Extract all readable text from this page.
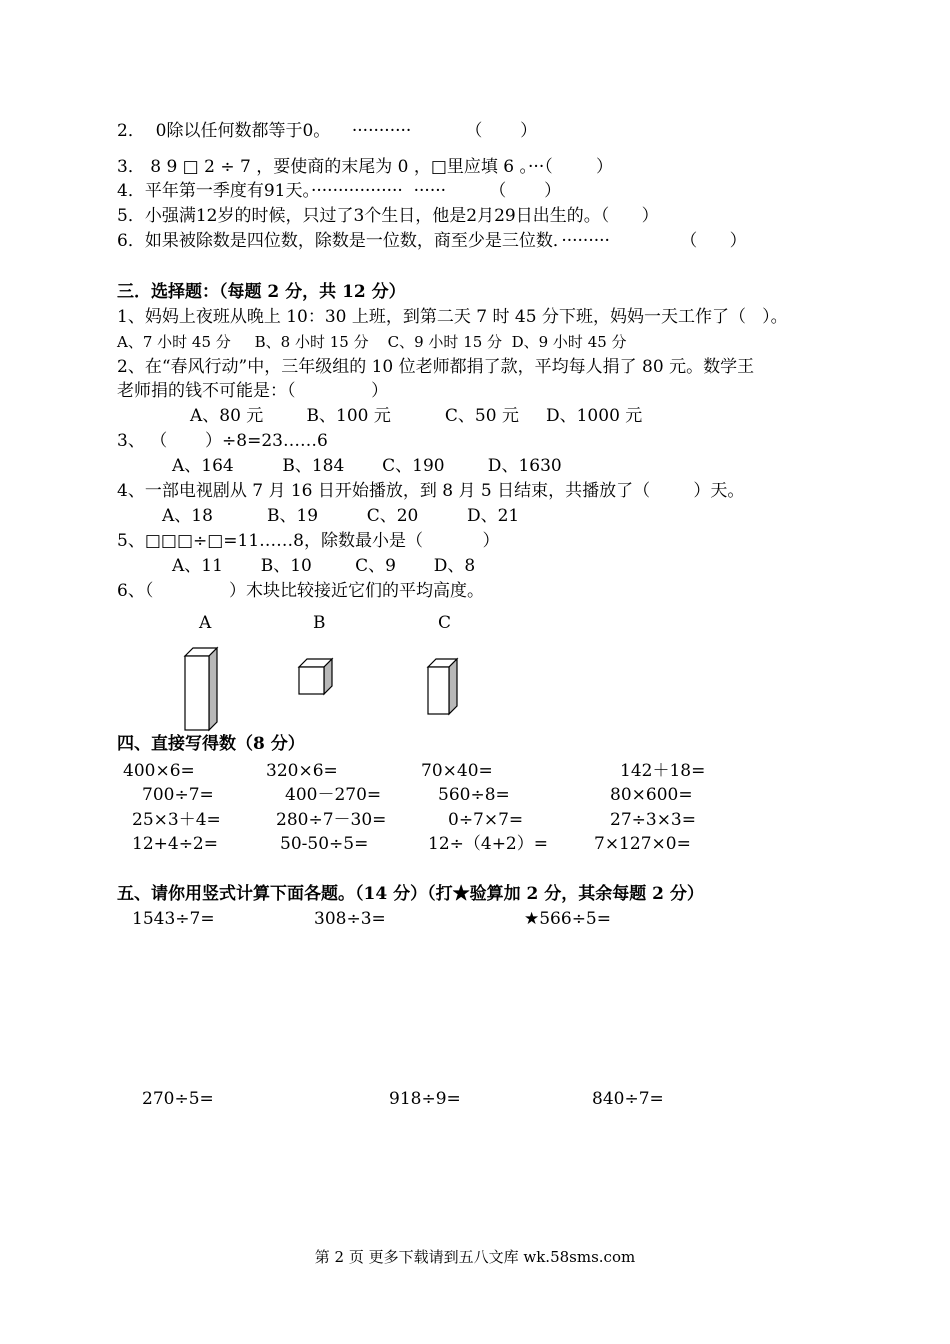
2．  0除以任何数都等于0。    ···········          （       ）
3． 8 9 □ 2 ÷ 7 ，要使商的末尾为 0 ，□里应填 6 。···（        ）
4．平年第一季度有91天。·················  ······        （       ）
5．小强满12岁的时候，只过了3个生日，他是2月29日出生的。（      ）
6．如果被除数是四位数，除数是一位数，商至少是三位数．·········             （      ）
三．选择题：（每题 2 分，共 12 分）
1、妈妈上夜班从晚上 10：30 上班，到第二天 7 时 45 分下班，妈妈一天工作了（   ）。
A、7 小时 45 分     B、8 小时 15 分    C、9 小时 15 分  D、9 小时 45 分
2、在“春风行动”中，三年级组的 10 位老师都捐了款，平均每人捐了 80 元。数学王
老师捐的钱不可能是：（              ）
A、80 元        B、100 元          C、50 元     D、1000 元
3、 （       ）÷8=23……6
A、164         B、184       C、190        D、1630
4、一部电视剧从 7 月 16 日开始播放，到 8 月 5 日结束，共播放了（        ）天。
A、18          B、19         C、20         D、21
5、□□□÷□=11……8，除数最小是（           ）
A、11       B、10        C、9       D、8
6、（              ）木块比较接近它们的平均高度。
A	B	C
四、直接写得数（8 分）
400×6=	320×6=	70×40=	142＋18=
700÷7=	400－270=	560÷8=	80×600=
25×3＋4=	280÷7－30=	0÷7×7=	27÷3×3=
12+4÷2=	50-50÷5=	12÷（4+2）=	7×127×0=
五、请你用竖式计算下面各题。（14 分）（打★验算加 2 分，其余每题 2 分）
1543÷7=	308÷3=	★566÷5=
270÷5=	918÷9=	840÷7=
第 2 页 更多下载请到五八文库 wk.58sms.com
